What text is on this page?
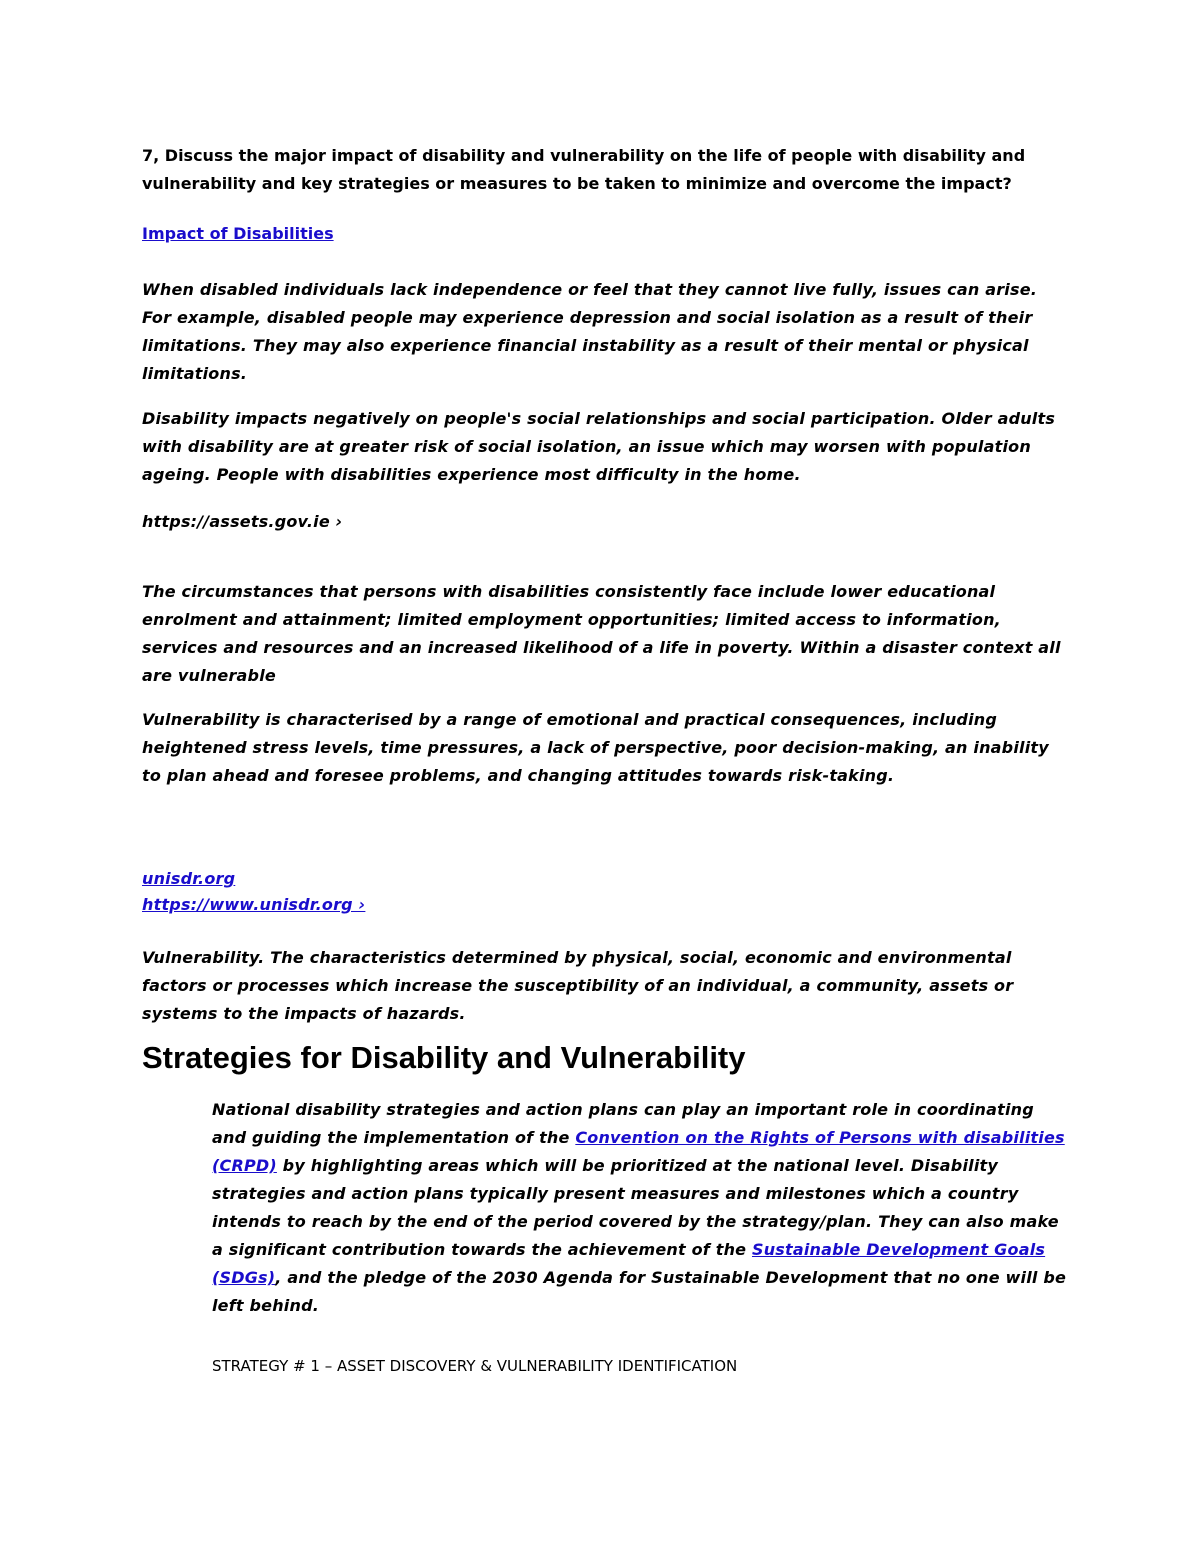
7, Discuss the major impact of disability and vulnerability on the life of people with disability and vulnerability and key strategies or measures to be taken to minimize and overcome the impact?

Impact of Disabilities

When disabled individuals lack independence or feel that they cannot live fully, issues can arise. For example, disabled people may experience depression and social isolation as a result of their limitations. They may also experience financial instability as a result of their mental or physical limitations.

Disability impacts negatively on people's social relationships and social participation. Older adults with disability are at greater risk of social isolation, an issue which may worsen with population ageing. People with disabilities experience most difficulty in the home.

https://assets.gov.ie ›

The circumstances that persons with disabilities consistently face include lower educational enrolment and attainment; limited employment opportunities; limited access to information, services and resources and an increased likelihood of a life in poverty. Within a disaster context all are vulnerable

Vulnerability is characterised by a range of emotional and practical consequences, including heightened stress levels, time pressures, a lack of perspective, poor decision-making, an inability to plan ahead and foresee problems, and changing attitudes towards risk-taking.

unisdr.org
https://www.unisdr.org ›

Vulnerability. The characteristics determined by physical, social, economic and environmental factors or processes which increase the susceptibility of an individual, a community, assets or systems to the impacts of hazards.

Strategies for Disability and Vulnerability

National disability strategies and action plans can play an important role in coordinating and guiding the implementation of the Convention on the Rights of Persons with disabilities (CRPD) by highlighting areas which will be prioritized at the national level. Disability strategies and action plans typically present measures and milestones which a country intends to reach by the end of the period covered by the strategy/plan. They can also make a significant contribution towards the achievement of the Sustainable Development Goals (SDGs), and the pledge of the 2030 Agenda for Sustainable Development that no one will be left behind.

STRATEGY # 1 – ASSET DISCOVERY & VULNERABILITY IDENTIFICATION
